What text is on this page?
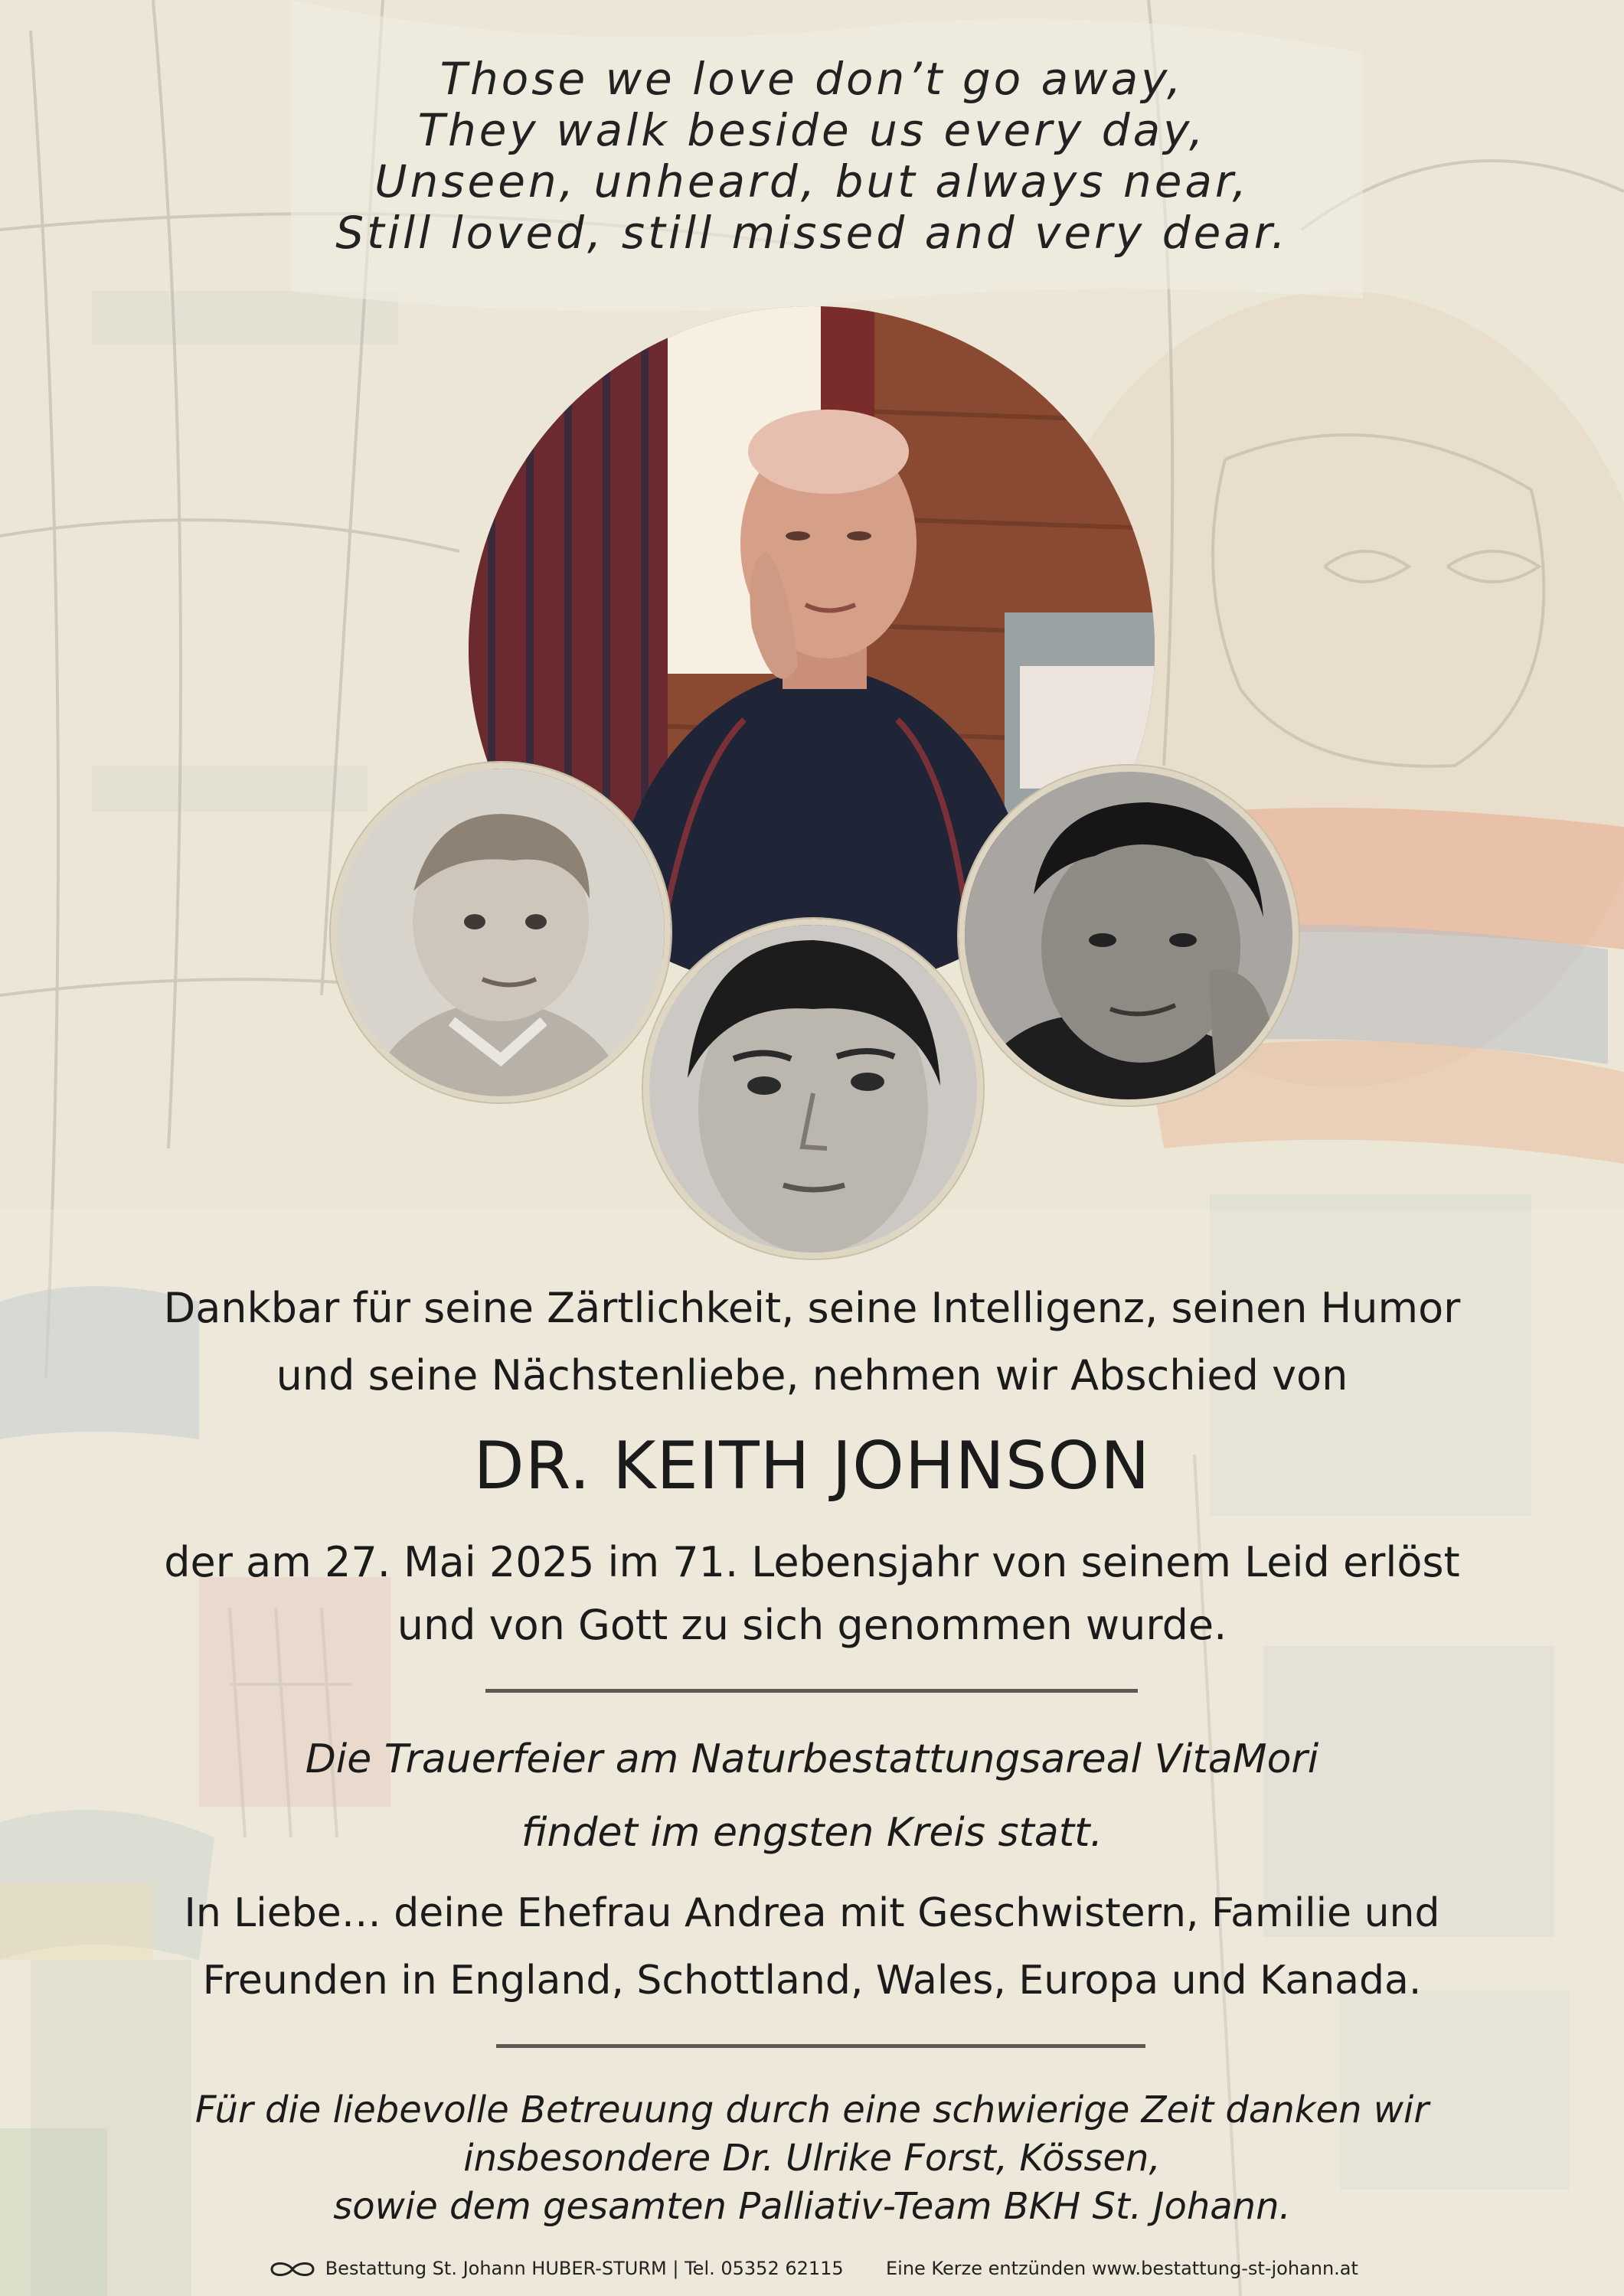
Those we love don’t go away,
They walk beside us every day,
Unseen, unheard, but always near,
Still loved, still missed and very dear.
Dankbar für seine Zärtlichkeit, seine Intelligenz, seinen Humor
und seine Nächstenliebe, nehmen wir Abschied von
DR. KEITH JOHNSON
der am 27. Mai 2025 im 71. Lebensjahr von seinem Leid erlöst
und von Gott zu sich genommen wurde.
Die Trauerfeier am Naturbestattungsareal VitaMori
findet im engsten Kreis statt.
In Liebe… deine Ehefrau Andrea mit Geschwistern, Familie und
Freunden in England, Schottland, Wales, Europa und Kanada.
Für die liebevolle Betreuung durch eine schwierige Zeit danken wir
insbesondere Dr. Ulrike Forst, Kössen,
sowie dem gesamten Palliativ-Team BKH St. Johann.
Bestattung St. Johann HUBER-STURM | Tel. 05352 62115 Eine Kerze entzünden www.bestattung-st-johann.at
